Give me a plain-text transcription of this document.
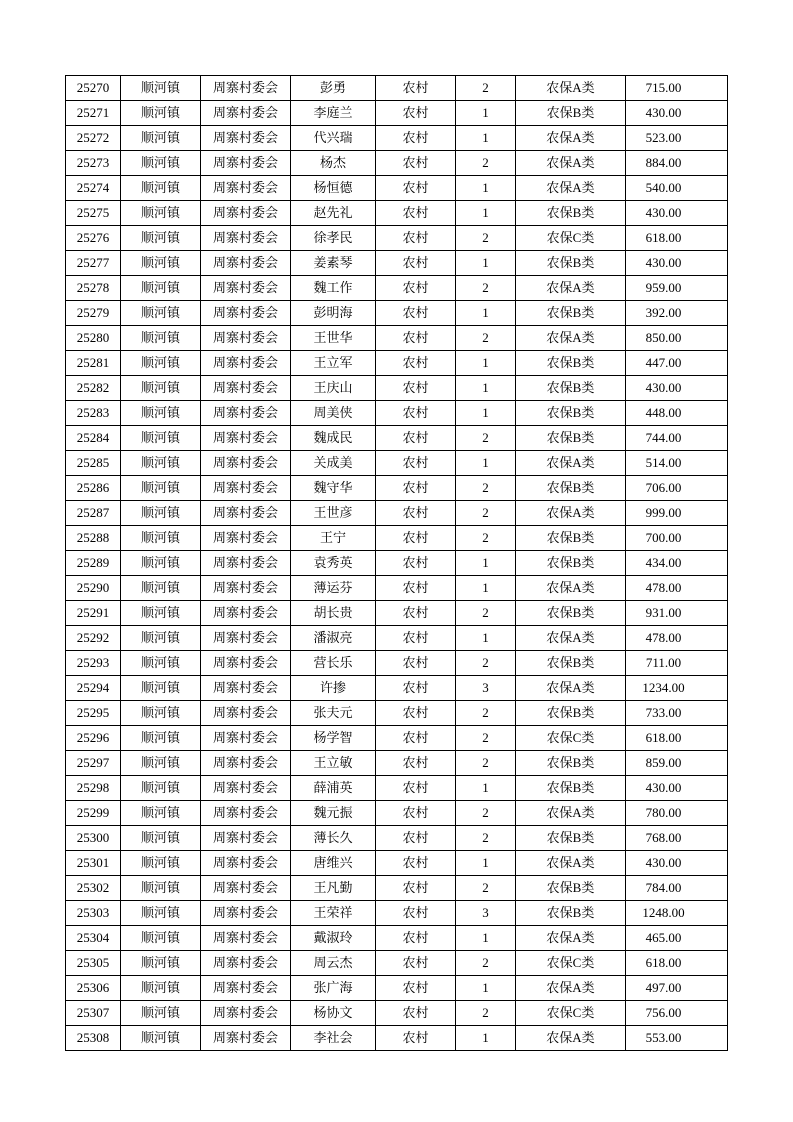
25270	顺河镇	周寨村委会	彭勇	农村	2	农保A类	715.00
25271	顺河镇	周寨村委会	李庭兰	农村	1	农保B类	430.00
25272	顺河镇	周寨村委会	代兴瑞	农村	1	农保A类	523.00
25273	顺河镇	周寨村委会	杨杰	农村	2	农保A类	884.00
25274	顺河镇	周寨村委会	杨恒德	农村	1	农保A类	540.00
25275	顺河镇	周寨村委会	赵先礼	农村	1	农保B类	430.00
25276	顺河镇	周寨村委会	徐孝民	农村	2	农保C类	618.00
25277	顺河镇	周寨村委会	姜素琴	农村	1	农保B类	430.00
25278	顺河镇	周寨村委会	魏工作	农村	2	农保A类	959.00
25279	顺河镇	周寨村委会	彭明海	农村	1	农保B类	392.00
25280	顺河镇	周寨村委会	王世华	农村	2	农保A类	850.00
25281	顺河镇	周寨村委会	王立军	农村	1	农保B类	447.00
25282	顺河镇	周寨村委会	王庆山	农村	1	农保B类	430.00
25283	顺河镇	周寨村委会	周美侠	农村	1	农保B类	448.00
25284	顺河镇	周寨村委会	魏成民	农村	2	农保B类	744.00
25285	顺河镇	周寨村委会	关成美	农村	1	农保A类	514.00
25286	顺河镇	周寨村委会	魏守华	农村	2	农保B类	706.00
25287	顺河镇	周寨村委会	王世彦	农村	2	农保A类	999.00
25288	顺河镇	周寨村委会	王宁	农村	2	农保B类	700.00
25289	顺河镇	周寨村委会	袁秀英	农村	1	农保B类	434.00
25290	顺河镇	周寨村委会	薄运芬	农村	1	农保A类	478.00
25291	顺河镇	周寨村委会	胡长贵	农村	2	农保B类	931.00
25292	顺河镇	周寨村委会	潘淑亮	农村	1	农保A类	478.00
25293	顺河镇	周寨村委会	营长乐	农村	2	农保B类	711.00
25294	顺河镇	周寨村委会	许掺	农村	3	农保A类	1234.00
25295	顺河镇	周寨村委会	张夫元	农村	2	农保B类	733.00
25296	顺河镇	周寨村委会	杨学智	农村	2	农保C类	618.00
25297	顺河镇	周寨村委会	王立敏	农村	2	农保B类	859.00
25298	顺河镇	周寨村委会	薛浦英	农村	1	农保B类	430.00
25299	顺河镇	周寨村委会	魏元振	农村	2	农保A类	780.00
25300	顺河镇	周寨村委会	薄长久	农村	2	农保B类	768.00
25301	顺河镇	周寨村委会	唐维兴	农村	1	农保A类	430.00
25302	顺河镇	周寨村委会	王凡勤	农村	2	农保B类	784.00
25303	顺河镇	周寨村委会	王荣祥	农村	3	农保B类	1248.00
25304	顺河镇	周寨村委会	戴淑玲	农村	1	农保A类	465.00
25305	顺河镇	周寨村委会	周云杰	农村	2	农保C类	618.00
25306	顺河镇	周寨村委会	张广海	农村	1	农保A类	497.00
25307	顺河镇	周寨村委会	杨协文	农村	2	农保C类	756.00
25308	顺河镇	周寨村委会	李社会	农村	1	农保A类	553.00
